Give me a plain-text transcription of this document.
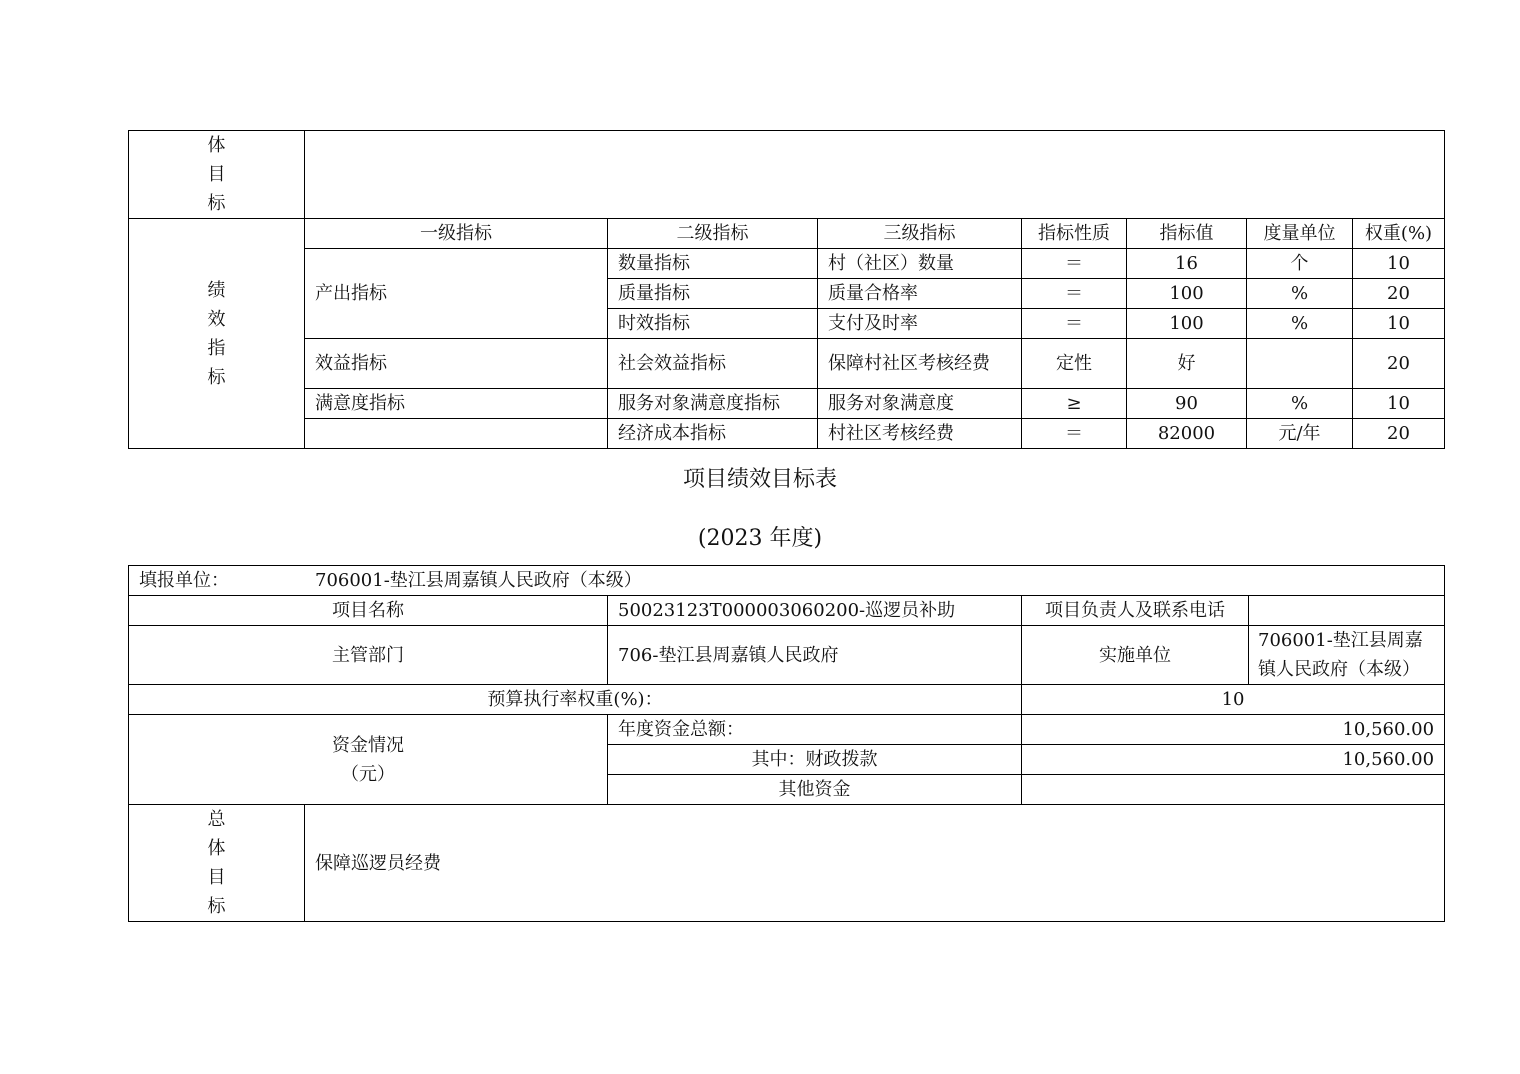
体
目
标							

绩
效
指
标	一级指标	二级指标	三级指标	指标性质	指标值	度量单位	权重(%)
	产出指标	数量指标	村（社区）数量	＝	16	个	10
		质量指标	质量合格率	＝	100	%	20
		时效指标	支付及时率	＝	100	%	10
	效益指标	社会效益指标	保障村社区考核经费	定性	好		20
	满意度指标	服务对象满意度指标	服务对象满意度	≥	90	%	10
		经济成本指标	村社区考核经费	＝	82000	元/年	20
项目绩效目标表
(2023 年度)
填报单位： 706001-垫江县周嘉镇人民政府（本级）				
项目名称		50023123T000003060200-巡逻员补助	项目负责人及联系电话	
主管部门		706-垫江县周嘉镇人民政府	实施单位	706001-垫江县周嘉
镇人民政府（本级）

预算执行率权重(%)：			10	

资金情况
（元）		年度资金总额：	10,560.00	
		其中：财政拨款	10,560.00	
		其他资金		

总
体
目
标	保障巡逻员经费			
